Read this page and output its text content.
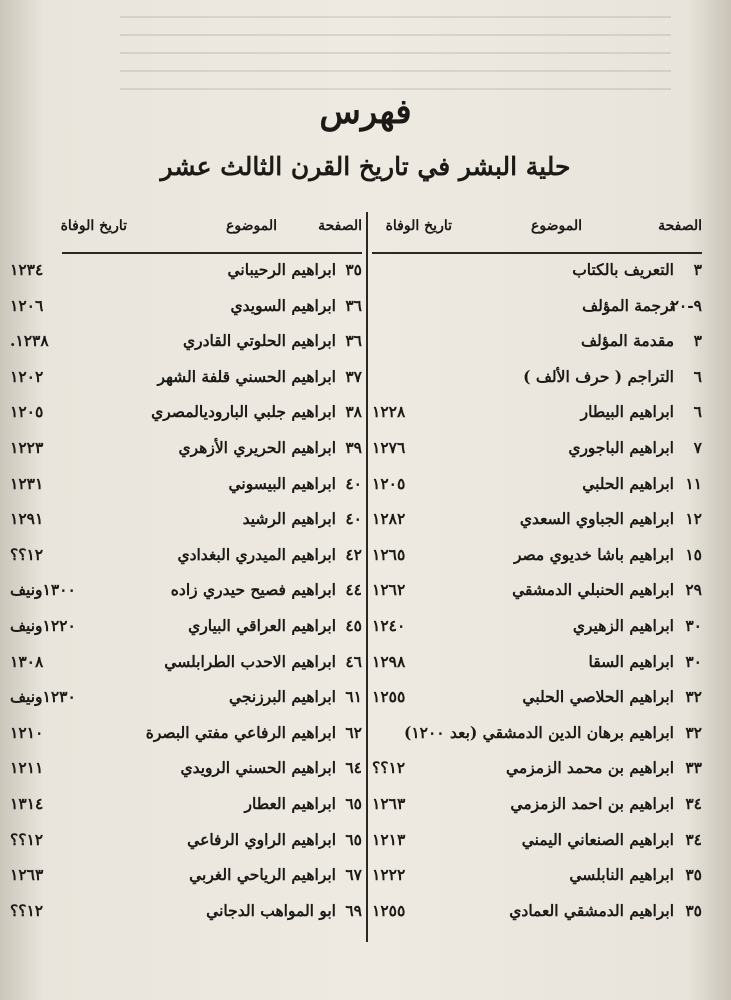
فهرس
حلية البشر في تاريخ القرن الثالث عشر
الصفحة
الموضوع
تاريخ الوفاة
٣
التعريف بالكتاب
٩-٢٠
ترجمة المؤلف
٣
مقدمة المؤلف
٦
التراجم ( حرف الألف )
٦
ابراهيم البيطار
١٢٢٨
٧
ابراهيم الباجوري
١٢٧٦
١١
ابراهيم الحلبي
١٢٠٥
١٢
ابراهيم الجباوي السعدي
١٢٨٢
١٥
ابراهيم باشا خديوي مصر
١٢٦٥
٢٩
ابراهيم الحنبلي الدمشقي
١٢٦٢
٣٠
ابراهيم الزهيري
١٢٤٠
٣٠
ابراهيم السقا
١٢٩٨
٣٢
ابراهيم الحلاصي الحلبي
١٢٥٥
٣٢
ابراهيم برهان الدين الدمشقي (بعد ١٢٠٠)
٣٣
ابراهيم بن محمد الزمزمي
١٢؟؟
٣٤
ابراهيم بن احمد الزمزمي
١٢٦٣
٣٤
ابراهيم الصنعاني اليمني
١٢١٣
٣٥
ابراهيم النابلسي
١٢٢٢
٣٥
ابراهيم الدمشقي العمادي
١٢٥٥
الصفحة
الموضوع
تاريخ الوفاة
٣٥
ابراهيم الرحيباني
١٢٣٤
٣٦
ابراهيم السويدي
١٢٠٦
٣٦
ابراهيم الحلوتي القادري
١٢٣٨.
٣٧
ابراهيم الحسني قلفة الشهر
١٢٠٢
٣٨
ابراهيم جلبي الباروديالمصري
١٢٠٥
٣٩
ابراهيم الحريري الأزهري
١٢٢٣
٤٠
ابراهيم البيسوني
١٢٣١
٤٠
ابراهيم الرشيد
١٢٩١
٤٢
ابراهيم الميدري البغدادي
١٢؟؟
٤٤
ابراهيم فصيح حيدري زاده
١٣٠٠ونيف
٤٥
ابراهيم العراقي البياري
١٢٢٠ونيف
٤٦
ابراهيم الاحدب الطرابلسي
١٣٠٨
٦١
ابراهيم البرزنجي
١٢٣٠ونيف
٦٢
ابراهيم الرفاعي مفتي البصرة
١٢١٠
٦٤
ابراهيم الحسني الرويدي
١٢١١
٦٥
ابراهيم العطار
١٣١٤
٦٥
ابراهيم الراوي الرفاعي
١٢؟؟
٦٧
ابراهيم الرياحي الغربي
١٢٦٣
٦٩
ابو المواهب الدجاني
١٢؟؟
